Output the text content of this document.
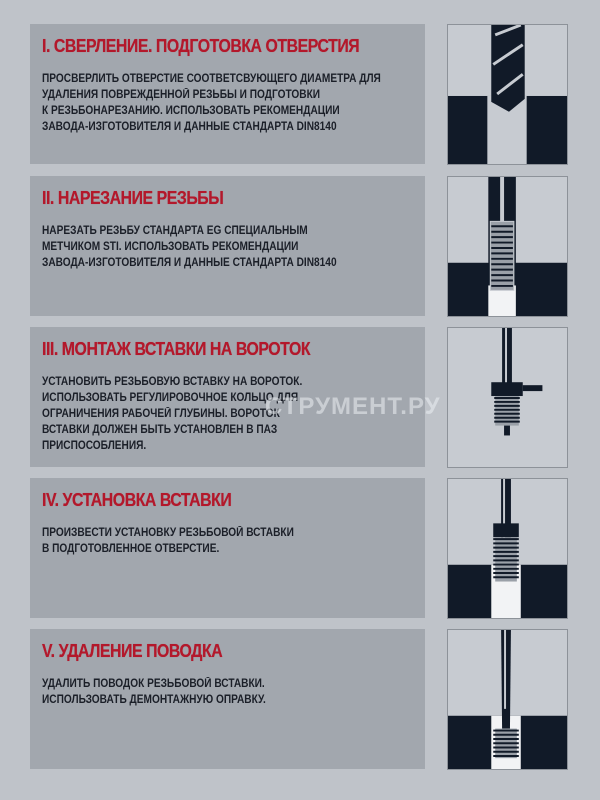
I. СВЕРЛЕНИЕ. ПОДГОТОВКА ОТВЕРСТИЯ
ПРОСВЕРЛИТЬ ОТВЕРСТИЕ СООТВЕТСВУЮЩЕГО ДИАМЕТРА ДЛЯ
УДАЛЕНИЯ ПОВРЕЖДЕННОЙ РЕЗЬБЫ И ПОДГОТОВКИ
К РЕЗЬБОНАРЕЗАНИЮ. ИСПОЛЬЗОВАТЬ РЕКОМЕНДАЦИИ
ЗАВОДА-ИЗГОТОВИТЕЛЯ И ДАННЫЕ СТАНДАРТА DIN8140
II. НАРЕЗАНИЕ РЕЗЬБЫ
НАРЕЗАТЬ РЕЗЬБУ СТАНДАРТА EG СПЕЦИАЛЬНЫМ
МЕТЧИКОМ STI. ИСПОЛЬЗОВАТЬ РЕКОМЕНДАЦИИ
ЗАВОДА-ИЗГОТОВИТЕЛЯ И ДАННЫЕ СТАНДАРТА DIN8140
III. МОНТАЖ ВСТАВКИ НА ВОРОТОК
УСТАНОВИТЬ РЕЗЬБОВУЮ ВСТАВКУ НА ВОРОТОК.
ИСПОЛЬЗОВАТЬ РЕГУЛИРОВОЧНОЕ КОЛЬЦО ДЛЯ
ОГРАНИЧЕНИЯ РАБОЧЕЙ ГЛУБИНЫ. ВОРОТОК
ВСТАВКИ ДОЛЖЕН БЫТЬ УСТАНОВЛЕН В ПАЗ
ПРИСПОСОБЛЕНИЯ.
IV. УСТАНОВКА ВСТАВКИ
ПРОИЗВЕСТИ УСТАНОВКУ РЕЗЬБОВОЙ ВСТАВКИ
В ПОДГОТОВЛЕННОЕ ОТВЕРСТИЕ.
V. УДАЛЕНИЕ ПОВОДКА
УДАЛИТЬ ПОВОДОК РЕЗЬБОВОЙ ВСТАВКИ.
ИСПОЛЬЗОВАТЬ ДЕМОНТАЖНУЮ ОПРАВКУ.
СТРУМЕНТ.РУ
